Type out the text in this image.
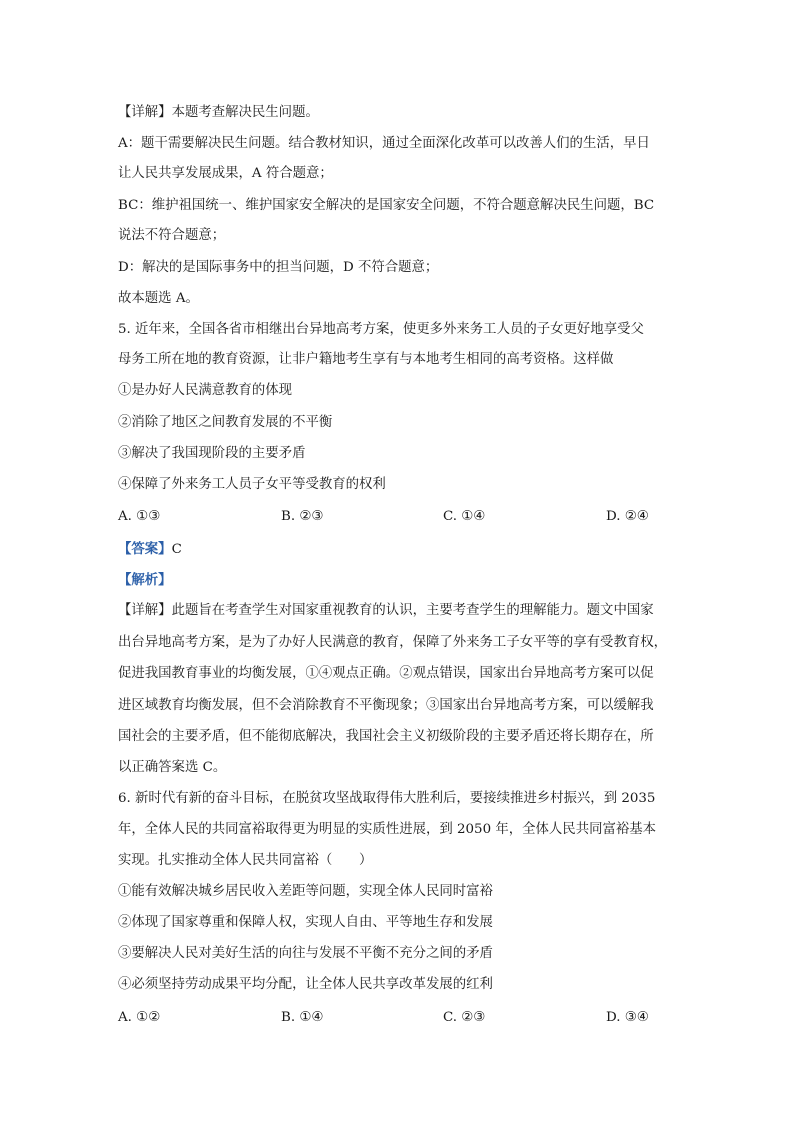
【详解】本题考查解决民生问题。
A：题干需要解决民生问题。结合教材知识，通过全面深化改革可以改善人们的生活，早日
让人民共享发展成果，A 符合题意；
BC：维护祖国统一、维护国家安全解决的是国家安全问题，不符合题意解决民生问题，BC
说法不符合题意；
D：解决的是国际事务中的担当问题，D 不符合题意；
故本题选 A。
5. 近年来，全国各省市相继出台异地高考方案，使更多外来务工人员的子女更好地享受父
母务工所在地的教育资源，让非户籍地考生享有与本地考生相同的高考资格。这样做
①是办好人民满意教育的体现
②消除了地区之间教育发展的不平衡
③解决了我国现阶段的主要矛盾
④保障了外来务工人员子女平等受教育的权利
A. ①③	B. ②③	C. ①④	D. ②④
【答案】C
【解析】
【详解】此题旨在考查学生对国家重视教育的认识，主要考查学生的理解能力。题文中国家
出台异地高考方案，是为了办好人民满意的教育，保障了外来务工子女平等的享有受教育权，
促进我国教育事业的均衡发展，①④观点正确。②观点错误，国家出台异地高考方案可以促
进区域教育均衡发展，但不会消除教育不平衡现象；③国家出台异地高考方案，可以缓解我
国社会的主要矛盾，但不能彻底解决，我国社会主义初级阶段的主要矛盾还将长期存在，所
以正确答案选 C。
6. 新时代有新的奋斗目标，在脱贫攻坚战取得伟大胜利后，要接续推进乡村振兴，到 2035
年，全体人民的共同富裕取得更为明显的实质性进展，到 2050 年，全体人民共同富裕基本
实现。扎实推动全体人民共同富裕（　　）
①能有效解决城乡居民收入差距等问题，实现全体人民同时富裕
②体现了国家尊重和保障人权，实现人自由、平等地生存和发展
③要解决人民对美好生活的向往与发展不平衡不充分之间的矛盾
④必须坚持劳动成果平均分配，让全体人民共享改革发展的红利
A. ①②	B. ①④	C. ②③	D. ③④
